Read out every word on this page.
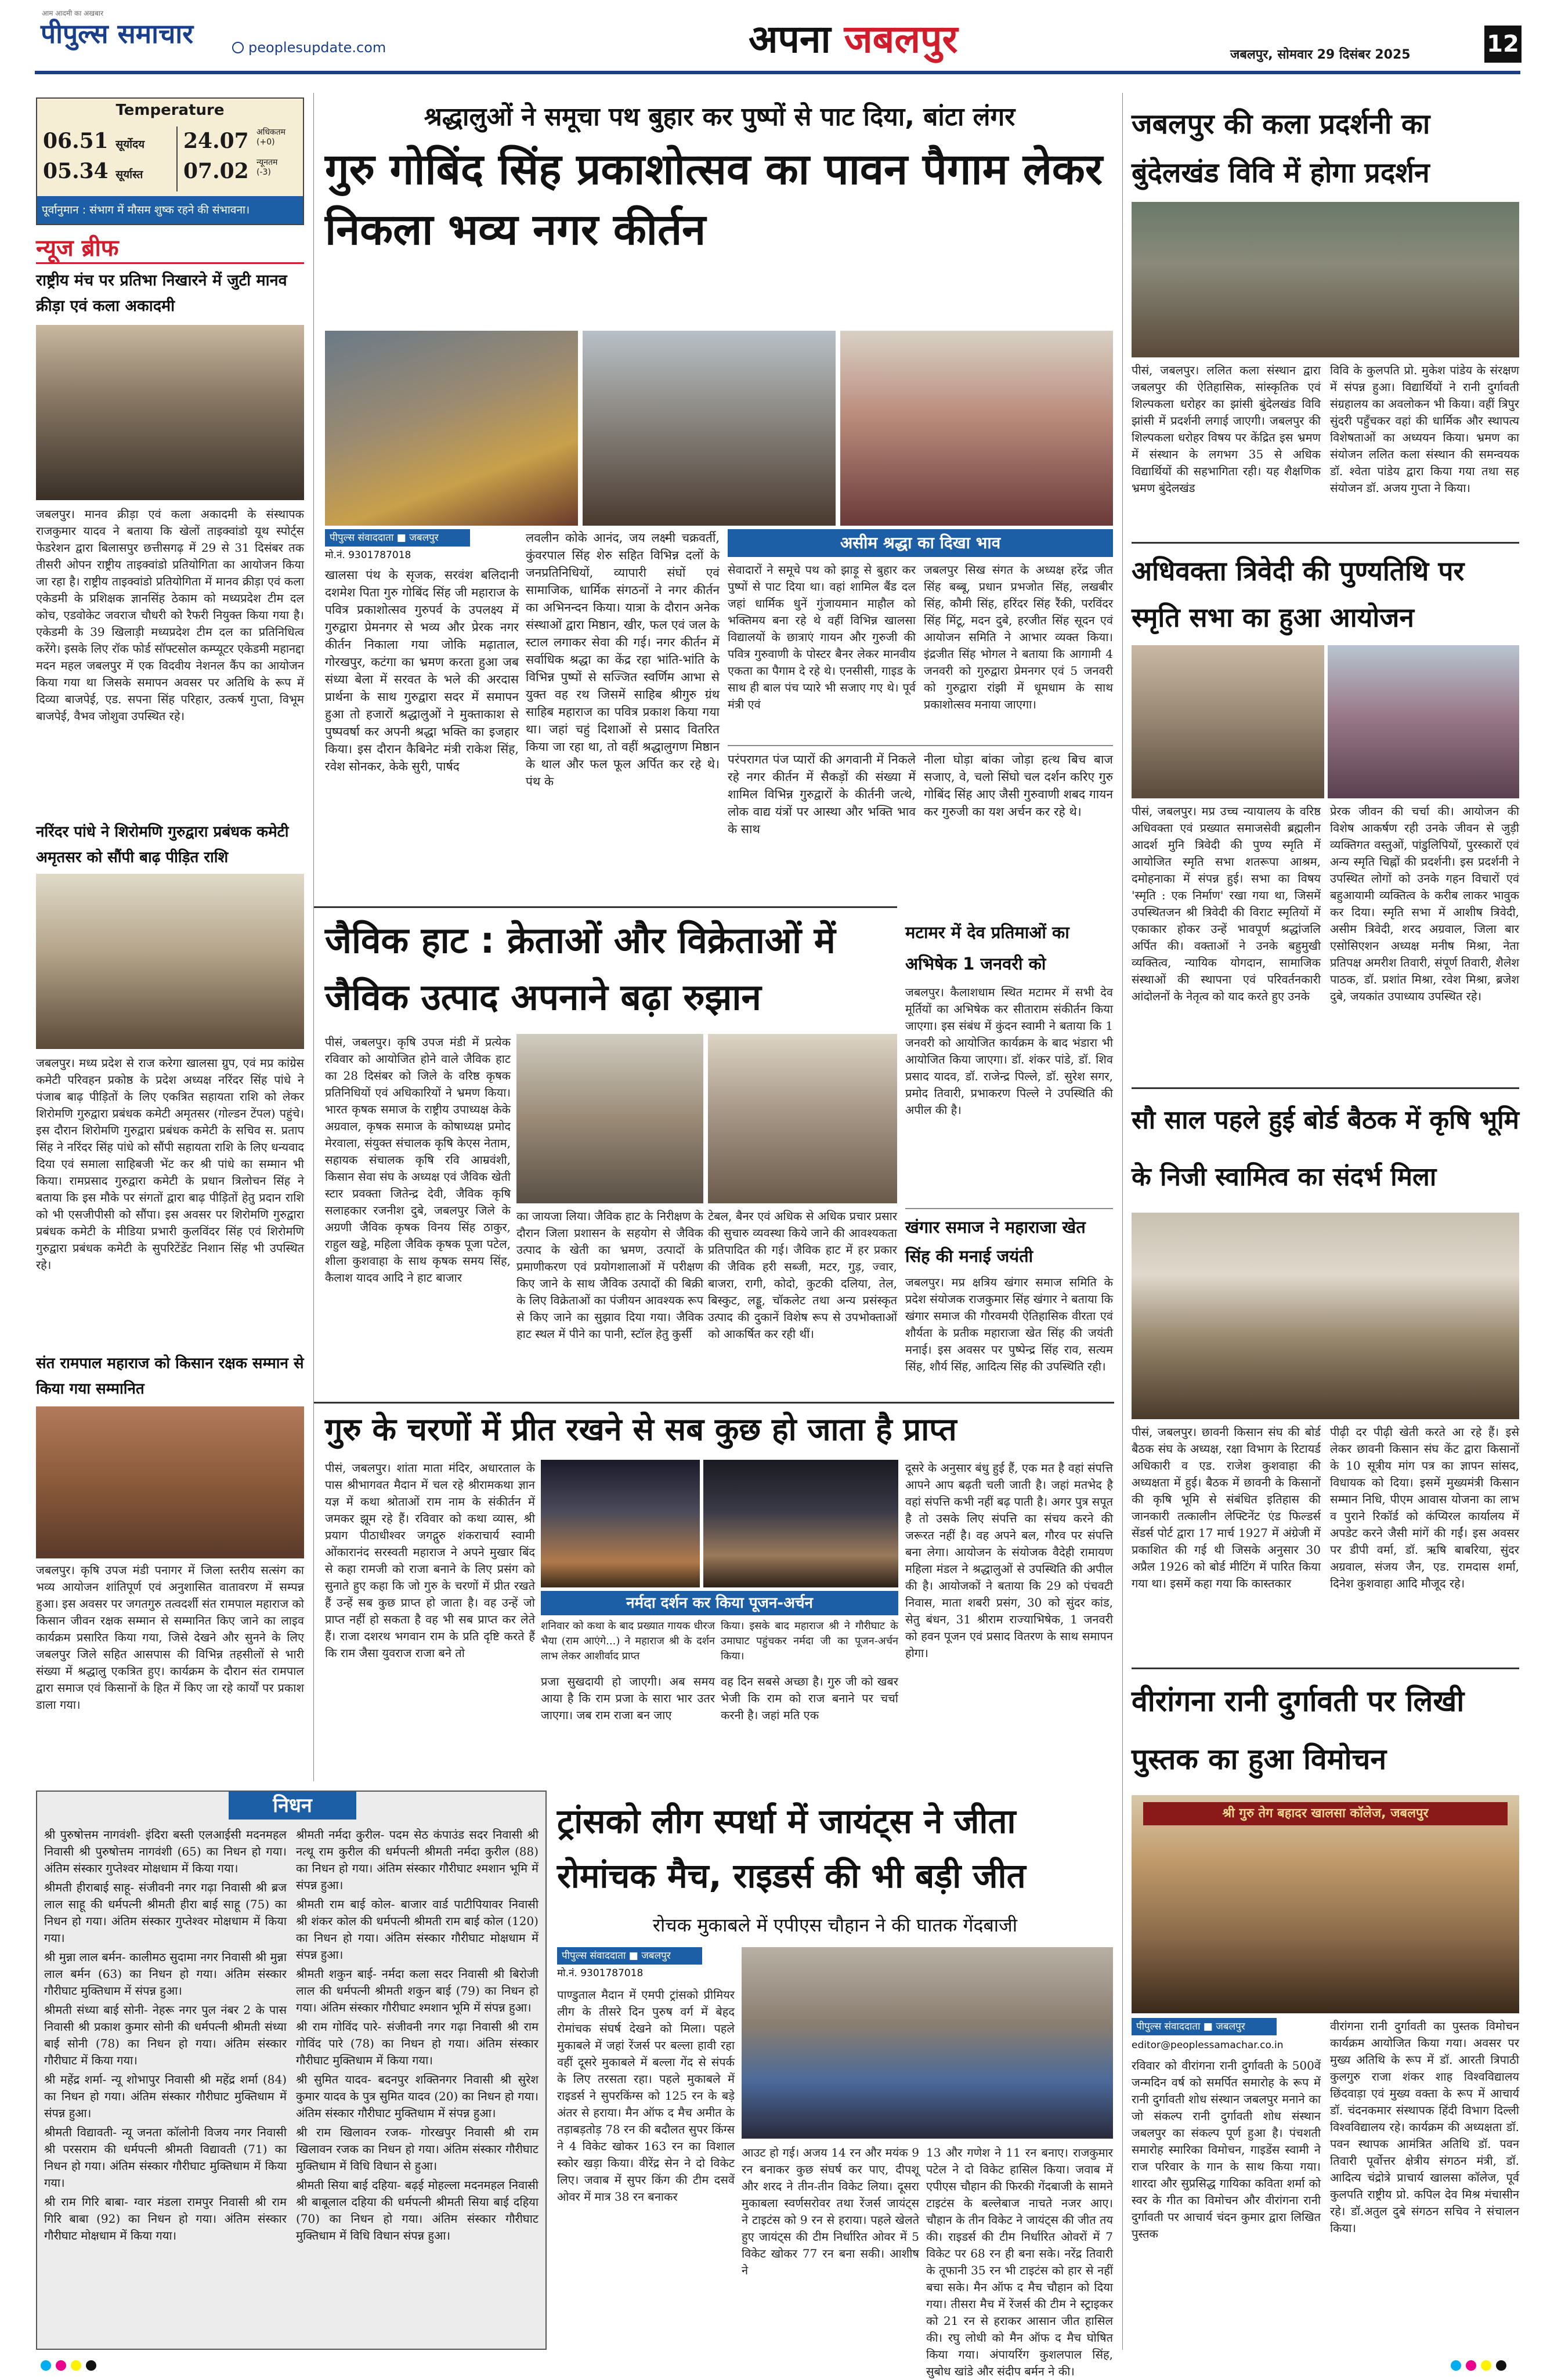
पीपुल्स समाचार
आम आदमी का अखबार
peoplesupdate.com	अपना जबलपुर	जबलपुर, सोमवार 29 दिसंबर 2025	12
Temperature
06.51 सूर्योदय
05.34 सूर्यास्त
24.07 अधिकतम
(+0)
07.02 न्यूनतम
(-3)
पूर्वानुमान : संभाग में मौसम शुष्क रहने की संभावना।
न्यूज ब्रीफ
राष्ट्रीय मंच पर प्रतिभा निखारने में जुटी मानव क्रीड़ा एवं कला अकादमी
जबलपुर। मानव क्रीड़ा एवं कला अकादमी के संस्थापक राजकुमार यादव ने बताया कि खेलों ताइक्वांडो यूथ स्पोर्ट्स फेडरेशन द्वारा बिलासपुर छत्तीसगढ़ में 29 से 31 दिसंबर तक तीसरी ओपन राष्ट्रीय ताइक्वांडो प्रतियोगिता का आयोजन किया जा रहा है। राष्ट्रीय ताइक्वांडो प्रतियोगिता में मानव क्रीड़ा एवं कला एकेडमी के प्रशिक्षक ज्ञानसिंह ठेकाम को मध्यप्रदेश टीम दल कोच, एडवोकेट जवराज चौधरी को रैफरी नियुक्त किया गया है। एकेडमी के 39 खिलाड़ी मध्यप्रदेश टीम दल का प्रतिनिधित्व करेंगे। इसके लिए रॉक फोर्ड सॉफ्टसोल कम्प्यूटर एकेडमी महानद्दा मदन महल जबलपुर में एक विदवीय नेशनल कैंप का आयोजन किया गया था जिसके समापन अवसर पर अतिथि के रूप में दिव्या बाजपेई, एड. सपना सिंह परिहार, उत्कर्ष गुप्ता, विभूम बाजपेई, वैभव जोशुवा उपस्थित रहे।
नरिंदर पांधे ने शिरोमणि गुरुद्वारा प्रबंधक कमेटी अमृतसर को सौंपी बाढ़ पीड़ित राशि
जबलपुर। मध्य प्रदेश से राज करेगा खालसा ग्रुप, एवं मप्र कांग्रेस कमेटी परिवहन प्रकोष्ठ के प्रदेश अध्यक्ष नरिंदर सिंह पांधे ने पंजाब बाढ़ पीड़ितों के लिए एकत्रित सहायता राशि को लेकर शिरोमणि गुरुद्वारा प्रबंधक कमेटी अमृतसर (गोल्डन टेंपल) पहुंचे। इस दौरान शिरोमणि गुरुद्वारा प्रबंधक कमेटी के सचिव स. प्रताप सिंह ने नरिंदर सिंह पांधे को सौंपी सहायता राशि के लिए धन्यवाद दिया एवं समाला साहिबजी भेंट कर श्री पांधे का सम्मान भी किया। रामप्रसाद गुरुद्वारा कमेटी के प्रधान त्रिलोचन सिंह ने बताया कि इस मौके पर संगतों द्वारा बाढ़ पीड़ितों हेतु प्रदान राशि को भी एसजीपीसी को सौंपा। इस अवसर पर शिरोमणि गुरुद्वारा प्रबंधक कमेटी के मीडिया प्रभारी कुलविंदर सिंह एवं शिरोमणि गुरुद्वारा प्रबंधक कमेटी के सुपरिटेंडेंट निशान सिंह भी उपस्थित रहे।
संत रामपाल महाराज को किसान रक्षक सम्मान से किया गया सम्मानित
जबलपुर। कृषि उपज मंडी पनागर में जिला स्तरीय सत्संग का भव्य आयोजन शांतिपूर्ण एवं अनुशासित वातावरण में सम्पन्न हुआ। इस अवसर पर जगतगुरु तत्वदर्शी संत रामपाल महाराज को किसान जीवन रक्षक सम्मान से सम्मानित किए जाने का लाइव कार्यक्रम प्रसारित किया गया, जिसे देखने और सुनने के लिए जबलपुर जिले सहित आसपास की विभिन्न तहसीलों से भारी संख्या में श्रद्धालु एकत्रित हुए। कार्यक्रम के दौरान संत रामपाल द्वारा समाज एवं किसानों के हित में किए जा रहे कार्यों पर प्रकाश डाला गया।
श्रद्धालुओं ने समूचा पथ बुहार कर पुष्पों से पाट दिया, बांटा लंगर
गुरु गोबिंद सिंह प्रकाशोत्सव का पावन पैगाम लेकर निकला भव्य नगर कीर्तन
पीपुल्स संवाददाता ■ जबलपुर
मो.नं. 9301787018
खालसा पंथ के सृजक, सरवंश बलिदानी दशमेश पिता गुरु गोबिंद सिंह जी महाराज के पवित्र प्रकाशोत्सव गुरुपर्व के उपलक्ष्य में गुरुद्वारा प्रेमनगर से भव्य और प्रेरक नगर कीर्तन निकाला गया जोकि मढ़ाताल, गोरखपुर, कटंगा का भ्रमण करता हुआ जब संध्या बेला में सरवत के भले की अरदास प्रार्थना के साथ गुरुद्वारा सदर में समापन हुआ तो हजारों श्रद्धालुओं ने मुक्ताकाश से पुष्पवर्षा कर अपनी श्रद्धा भक्ति का इजहार किया। इस दौरान कैबिनेट मंत्री राकेश सिंह, रवेश सोनकर, केके सुरी, पार्षद
लवलीन कोके आनंद, जय लक्ष्मी चक्रवर्ती, कुंवरपाल सिंह शेरु सहित विभिन्न दलों के जनप्रतिनिधियों, व्यापारी संघों एवं सामाजिक, धार्मिक संगठनों ने नगर कीर्तन का अभिनन्दन किया। यात्रा के दौरान अनेक संस्थाओं द्वारा मिष्ठान, खीर, फल एवं जल के स्टाल लगाकर सेवा की गई। नगर कीर्तन में सर्वाधिक श्रद्धा का केंद्र रहा भांति-भांति के विभिन्न पुष्पों से सज्जित स्वर्णिम आभा से युक्त वह रथ जिसमें साहिब श्रीगुरु ग्रंथ साहिब महाराज का पवित्र प्रकाश किया गया था। जहां चहुं दिशाओं से प्रसाद वितरित किया जा रहा था, तो वहीं श्रद्धालुगण मिष्ठान के थाल और फल फूल अर्पित कर रहे थे। पंथ के
असीम श्रद्धा का दिखा भाव
सेवादारों ने समूचे पथ को झाड़ू से बुहार कर पुष्पों से पाट दिया था। वहां शामिल बैंड दल जहां धार्मिक धुनें गुंजायमान माहौल को भक्तिमय बना रहे थे वहीं विभिन्न खालसा विद्यालयों के छात्राएं गायन और गुरुजी की पवित्र गुरुवाणी के पोस्टर बैनर लेकर मानवीय एकता का पैगाम दे रहे थे। एनसीसी, गाइड के साथ ही बाल पंच प्यारे भी सजाए गए थे। पूर्व मंत्री एवं
जबलपुर सिख संगत के अध्यक्ष हरेंद्र जीत सिंह बब्बू, प्रधान प्रभजोत सिंह, लखबीर सिंह, कौमी सिंह, हरिंदर सिंह रैंकी, परविंदर सिंह मिंटू, मदन दुबे, हरजीत सिंह सूदन एवं आयोजन समिति ने आभार व्यक्त किया। इंद्रजीत सिंह भोगल ने बताया कि आगामी 4 जनवरी को गुरुद्वारा प्रेमनगर एवं 5 जनवरी को गुरुद्वारा रांझी में धूमधाम के साथ प्रकाशोत्सव मनाया जाएगा।
परंपरागत पंज प्यारों की अगवानी में निकले रहे नगर कीर्तन में सैकड़ों की संख्या में शामिल विभिन्न गुरुद्वारों के कीर्तनी जत्थे, लोक वाद्य यंत्रों पर आस्था और भक्ति भाव के साथ
नीला घोड़ा बांका जोड़ा हत्थ बिच बाज सजाए, वे, चलो सिंघो चल दर्शन करिए गुरु गोबिंद सिंह आए जैसी गुरुवाणी शबद गायन कर गुरुजी का यश अर्चन कर रहे थे।
जैविक हाट : क्रेताओं और विक्रेताओं में जैविक उत्पाद अपनाने बढ़ा रुझान
पीसं, जबलपुर। कृषि उपज मंडी में प्रत्येक रविवार को आयोजित होने वाले जैविक हाट का 28 दिसंबर को जिले के वरिष्ठ कृषक प्रतिनिधियों एवं अधिकारियों ने भ्रमण किया। भारत कृषक समाज के राष्ट्रीय उपाध्यक्ष केके अग्रवाल, कृषक समाज के कोषाध्यक्ष प्रमोद मेरवाला, संयुक्त संचालक कृषि केएस नेताम, सहायक संचालक कृषि रवि आम्रवंशी, किसान सेवा संघ के अध्यक्ष एवं जैविक खेती स्टार प्रवक्ता जितेन्द्र देवी, जैविक कृषि सलाहकार रजनीश दुबे, जबलपुर जिले के अग्रणी जैविक कृषक विनय सिंह ठाकुर, राहुल खड्डे, महिला जैविक कृषक पूजा पटेल, शीला कुशवाहा के साथ कृषक समय सिंह, कैलाश यादव आदि ने हाट बाजार
का जायजा लिया। जैविक हाट के निरीक्षण के दौरान जिला प्रशासन के सहयोग से जैविक उत्पाद के खेती का भ्रमण, उत्पादों के प्रमाणीकरण एवं प्रयोगशालाओं में परीक्षण किए जाने के साथ जैविक उत्पादों की बिक्री के लिए विक्रेताओं का पंजीयन आवश्यक रूप से किए जाने का सुझाव दिया गया। जैविक हाट स्थल में पीने का पानी, स्टॉल हेतु कुर्सी
टेबल, बैनर एवं अधिक से अधिक प्रचार प्रसार की सुचारु व्यवस्था किये जाने की आवश्यकता प्रतिपादित की गई। जैविक हाट में हर प्रकार की जैविक हरी सब्जी, मटर, गुड़, ज्वार, बाजरा, रागी, कोदो, कुटकी दलिया, तेल, बिस्कुट, लड्डू, चॉकलेट तथा अन्य प्रसंस्कृत उत्पाद की दुकानें विशेष रूप से उपभोक्ताओं को आकर्षित कर रही थीं।
मटामर में देव प्रतिमाओं का अभिषेक 1 जनवरी को
जबलपुर। कैलाशधाम स्थित मटामर में सभी देव मूर्तियों का अभिषेक कर सीताराम संकीर्तन किया जाएगा। इस संबंध में कुंदन स्वामी ने बताया कि 1 जनवरी को आयोजित कार्यक्रम के बाद भंडारा भी आयोजित किया जाएगा। डॉ. शंकर पांडे, डॉ. शिव प्रसाद यादव, डॉ. राजेन्द्र पिल्ले, डॉ. सुरेश सगर, प्रमोद तिवारी, प्रभाकरण पिल्ले ने उपस्थिति की अपील की है।
खंगार समाज ने महाराजा खेत सिंह की मनाई जयंती
जबलपुर। मप्र क्षत्रिय खंगार समाज समिति के प्रदेश संयोजक राजकुमार सिंह खंगार ने बताया कि खंगार समाज की गौरवमयी ऐतिहासिक वीरता एवं शौर्यता के प्रतीक महाराजा खेत सिंह की जयंती मनाई। इस अवसर पर पुष्पेन्द्र सिंह राव, सत्यम सिंह, शौर्य सिंह, आदित्य सिंह की उपस्थिति रही।
गुरु के चरणों में प्रीत रखने से सब कुछ हो जाता है प्राप्त
पीसं, जबलपुर। शांता माता मंदिर, अधारताल के पास श्रीभागवत मैदान में चल रहे श्रीरामकथा ज्ञान यज्ञ में कथा श्रोताओं राम नाम के संकीर्तन में जमकर झूम रहे हैं। रविवार को कथा व्यास, श्री प्रयाग पीठाधीश्वर जगद्गुरु शंकराचार्य स्वामी ओंकारानंद सरस्वती महाराज ने अपने मुखार बिंद से कहा रामजी को राजा बनाने के लिए प्रसंग को सुनाते हुए कहा कि जो गुरु के चरणों में प्रीत रखते हैं उन्हें सब कुछ प्राप्त हो जाता है। वह उन्हें जो प्राप्त नहीं हो सकता है वह भी सब प्राप्त कर लेते हैं। राजा दशरथ भगवान राम के प्रति दृष्टि करते हैं कि राम जैसा युवराज राजा बने तो
नर्मदा दर्शन कर किया पूजन-अर्चन
शनिवार को कथा के बाद प्रख्यात गायक धीरज भैया (राम आएंगे...) ने महाराज श्री के दर्शन लाभ लेकर आशीर्वाद प्राप्त
किया। इसके बाद महाराज श्री ने गौरीघाट के उमाघाट पहुंचकर नर्मदा जी का पूजन-अर्चन किया।
प्रजा सुखदायी हो जाएगी। अब समय आया है कि राम प्रजा के सारा भार उतर जाएगा। जब राम राजा बन जाए
वह दिन सबसे अच्छा है। गुरु जी को खबर भेजी कि राम को राज बनाने पर चर्चा करनी है। जहां मति एक
दूसरे के अनुसार बंधु हुई हैं, एक मत है वहां संपत्ति आपने आप बढ़ती चली जाती है। जहां मतभेद है वहां संपत्ति कभी नहीं बढ़ पाती है। अगर पुत्र सपूत है तो उसके लिए संपत्ति का संचय करने की जरूरत नहीं है। वह अपने बल, गौरव पर संपत्ति बना लेगा। आयोजन के संयोजक वैदेही रामायण महिला मंडल ने श्रद्धालुओं से उपस्थिति की अपील की है। आयोजकों ने बताया कि 29 को पंचवटी निवास, माता शबरी प्रसंग, 30 को सुंदर कांड, सेतु बंधन, 31 श्रीराम राज्याभिषेक, 1 जनवरी को हवन पूजन एवं प्रसाद वितरण के साथ समापन होगा।
निधन
श्री पुरुषोत्तम नागवंशी- इंदिरा बस्ती एलआईसी मदनमहल निवासी श्री पुरुषोत्तम नागवंशी (65) का निधन हो गया। अंतिम संस्कार गुप्तेश्वर मोक्षधाम में किया गया।
श्रीमती हीराबाई साहू- संजीवनी नगर गढ़ा निवासी श्री ब्रज लाल साहू की धर्मपत्नी श्रीमती हीरा बाई साहू (75) का निधन हो गया। अंतिम संस्कार गुप्तेश्वर मोक्षधाम में किया गया।
श्री मुन्ना लाल बर्मन- कालीमठ सुदामा नगर निवासी श्री मुन्ना लाल बर्मन (63) का निधन हो गया। अंतिम संस्कार गौरीघाट मुक्तिधाम में संपन्न हुआ।
श्रीमती संध्या बाई सोनी- नेहरू नगर पुल नंबर 2 के पास निवासी श्री प्रकाश कुमार सोनी की धर्मपत्नी श्रीमती संध्या बाई सोनी (78) का निधन हो गया। अंतिम संस्कार गौरीघाट में किया गया।
श्री महेंद्र शर्मा- न्यू शोभापुर निवासी श्री महेंद्र शर्मा (84) का निधन हो गया। अंतिम संस्कार गौरीघाट मुक्तिधाम में संपन्न हुआ।
श्रीमती विद्यावती- न्यू जनता कॉलोनी विजय नगर निवासी श्री परसराम की धर्मपत्नी श्रीमती विद्यावती (71) का निधन हो गया। अंतिम संस्कार गौरीघाट मुक्तिधाम में किया गया।
श्री राम गिरि बाबा- ग्वार मंडला रामपुर निवासी श्री राम गिरि बाबा (92) का निधन हो गया। अंतिम संस्कार गौरीघाट मोक्षधाम में किया गया।
श्रीमती नर्मदा कुरील- पदम सेठ कंपाउंड सदर निवासी श्री नत्थू राम कुरील की धर्मपत्नी श्रीमती नर्मदा कुरील (88) का निधन हो गया। अंतिम संस्कार गौरीघाट श्मशान भूमि में संपन्न हुआ।
श्रीमती राम बाई कोल- बाजार वार्ड पाटीपियावर निवासी श्री शंकर कोल की धर्मपत्नी श्रीमती राम बाई कोल (120) का निधन हो गया। अंतिम संस्कार गौरीघाट मोक्षधाम में संपन्न हुआ।
श्रीमती शकुन बाई- नर्मदा कला सदर निवासी श्री बिरोजी लाल की धर्मपत्नी श्रीमती शकुन बाई (79) का निधन हो गया। अंतिम संस्कार गौरीघाट श्मशान भूमि में संपन्न हुआ।
श्री राम गोविंद पारे- संजीवनी नगर गढ़ा निवासी श्री राम गोविंद पारे (78) का निधन हो गया। अंतिम संस्कार गौरीघाट मुक्तिधाम में किया गया।
श्री सुमित यादव- बदनपुर शक्तिनगर निवासी श्री सुरेश कुमार यादव के पुत्र सुमित यादव (20) का निधन हो गया। अंतिम संस्कार गौरीघाट मुक्तिधाम में संपन्न हुआ।
श्री राम खिलावन रजक- गोरखपुर निवासी श्री राम खिलावन रजक का निधन हो गया। अंतिम संस्कार गौरीघाट मुक्तिधाम में विधि विधान से हुआ।
श्रीमती सिया बाई दहिया- बढ़ई मोहल्ला मदनमहल निवासी श्री बाबूलाल दहिया की धर्मपत्नी श्रीमती सिया बाई दहिया (70) का निधन हो गया। अंतिम संस्कार गौरीघाट मुक्तिधाम में विधि विधान संपन्न हुआ।
ट्रांसको लीग स्पर्धा में जायंट्स ने जीता रोमांचक मैच, राइडर्स की भी बड़ी जीत
रोचक मुकाबले में एपीएस चौहान ने की घातक गेंदबाजी
पीपुल्स संवाददाता ■ जबलपुर
मो.नं. 9301787018
पाण्डुताल मैदान में एमपी ट्रांसको प्रीमियर लीग के तीसरे दिन पुरुष वर्ग में बेहद रोमांचक संघर्ष देखने को मिला। पहले मुकाबले में जहां रेंजर्स पर बल्ला हावी रहा वहीं दूसरे मुकाबले में बल्ला गेंद से संपर्क के लिए तरसता रहा। पहले मुकाबले में राइडर्स ने सुपरकिंग्स को 125 रन के बड़े अंतर से हराया। मैन ऑफ द मैच अमीत के तड़ाबड़तोड़ 78 रन की बदौलत सुपर किंग्स ने 4 विकेट खोकर 163 रन का विशाल स्कोर खड़ा किया। वीरेंद्र सेन ने दो विकेट लिए। जवाब में सुपर किंग की टीम दसवें ओवर में मात्र 38 रन बनाकर
आउट हो गई। अजय 14 रन और मयंक 9 रन बनाकर कुछ संघर्ष कर पाए, दीपशू और शरद ने तीन-तीन विकेट लिया। दूसरा मुकाबला स्वर्णसरोवर तथा रेंजर्स जायंट्स ने टाइटंस को 9 रन से हराया। पहले खेलते हुए जायंट्स की टीम निर्धारित ओवर में 5 विकेट खोकर 77 रन बना सकी। आशीष ने
13 और गणेश ने 11 रन बनाए। राजकुमार पटेल ने दो विकेट हासिल किया। जवाब में एपीएस चौहान की फिरकी गेंदबाजी के सामने टाइटंस के बल्लेबाज नाचते नजर आए। चौहान के तीन विकेट ने जायंट्स की जीत तय की। राइडर्स की टीम निर्धारित ओवरों में 7 विकेट पर 68 रन ही बना सके। नरेंद्र तिवारी के तूफानी 35 रन भी टाइटंस को हार से नहीं बचा सके। मैन ऑफ द मैच चौहान को दिया गया। तीसरा मैच में रेंजर्स की टीम ने स्ट्राइकर को 21 रन से हराकर आसान जीत हासिल की। रघु लोधी को मैन ऑफ द मैच घोषित किया गया। अंपायरिंग कुशलपाल सिंह, सुबोध खांडे और संदीप बर्मन ने की।
जबलपुर की कला प्रदर्शनी का बुंदेलखंड विवि में होगा प्रदर्शन
पीसं, जबलपुर। ललित कला संस्थान द्वारा जबलपुर की ऐतिहासिक, सांस्कृतिक एवं शिल्पकला धरोहर का झांसी बुंदेलखंड विवि झांसी में प्रदर्शनी लगाई जाएगी। जबलपुर की शिल्पकला धरोहर विषय पर केंद्रित इस भ्रमण में संस्थान के लगभग 35 से अधिक विद्यार्थियों की सहभागिता रही। यह शैक्षणिक भ्रमण बुंदेलखंड
विवि के कुलपति प्रो. मुकेश पांडेय के संरक्षण में संपन्न हुआ। विद्यार्थियों ने रानी दुर्गावती संग्रहालय का अवलोकन भी किया। वहीं त्रिपुर सुंदरी पहुँचकर वहां की धार्मिक और स्थापत्य विशेषताओं का अध्ययन किया। भ्रमण का संयोजन ललित कला संस्थान की समन्वयक डॉ. श्वेता पांडेय द्वारा किया गया तथा सह संयोजन डॉ. अजय गुप्ता ने किया।
अधिवक्ता त्रिवेदी की पुण्यतिथि पर स्मृति सभा का हुआ आयोजन
पीसं, जबलपुर। मप्र उच्च न्यायालय के वरिष्ठ अधिवक्ता एवं प्रख्यात समाजसेवी ब्रह्मलीन आदर्श मुनि त्रिवेदी की पुण्य स्मृति में आयोजित स्मृति सभा शतरूपा आश्रम, दमोहनाका में संपन्न हुई। सभा का विषय 'स्मृति : एक निर्माण' रखा गया था, जिसमें उपस्थितजन श्री त्रिवेदी की विराट स्मृतियों में एकाकार होकर उन्हें भावपूर्ण श्रद्धांजलि अर्पित की। वक्ताओं ने उनके बहुमुखी व्यक्तित्व, न्यायिक योगदान, सामाजिक संस्थाओं की स्थापना एवं परिवर्तनकारी आंदोलनों के नेतृत्व को याद करते हुए उनके
प्रेरक जीवन की चर्चा की। आयोजन की विशेष आकर्षण रही उनके जीवन से जुड़ी व्यक्तिगत वस्तुओं, पांडुलिपियों, पुरस्कारों एवं अन्य स्मृति चिह्नों की प्रदर्शनी। इस प्रदर्शनी ने उपस्थित लोगों को उनके गहन विचारों एवं बहुआयामी व्यक्तित्व के करीब लाकर भावुक कर दिया। स्मृति सभा में आशीष त्रिवेदी, असीम त्रिवेदी, शरद अग्रवाल, जिला बार एसोसिएशन अध्यक्ष मनीष मिश्रा, नेता प्रतिपक्ष अमरीश तिवारी, संपूर्ण तिवारी, शैलेश पाठक, डॉ. प्रशांत मिश्रा, रवेश मिश्रा, ब्रजेश दुबे, जयकांत उपाध्याय उपस्थित रहे।
सौ साल पहले हुई बोर्ड बैठक में कृषि भूमि के निजी स्वामित्व का संदर्भ मिला
पीसं, जबलपुर। छावनी किसान संघ की बोर्ड बैठक संघ के अध्यक्ष, रक्षा विभाग के रिटायर्ड अधिकारी व एड. राजेश कुशवाहा की अध्यक्षता में हुई। बैठक में छावनी के किसानों की कृषि भूमि से संबंधित इतिहास की जानकारी तत्कालीन लेफ्टिनेंट एंड फिल्डर्स सेंडर्स पोर्ट द्वारा 17 मार्च 1927 में अंग्रेजी में प्रकाशित की गई थी जिसके अनुसार 30 अप्रैल 1926 को बोर्ड मीटिंग में पारित किया गया था। इसमें कहा गया कि कास्तकार
पीढ़ी दर पीढ़ी खेती करते आ रहे हैं। इसे लेकर छावनी किसान संघ केंट द्वारा किसानों के 10 सूत्रीय मांग पत्र का ज्ञापन सांसद, विधायक को दिया। इसमें मुख्यमंत्री किसान सम्मान निधि, पीएम आवास योजना का लाभ व पुराने रिकॉर्ड को कंप्यिरल कार्यालय में अपडेट करने जैसी मांगें की गईं। इस अवसर पर डीपी वर्मा, डॉ. ऋषि बाबरिया, सुंदर अग्रवाल, संजय जैन, एड. रामदास शर्मा, दिनेश कुशवाहा आदि मौजूद रहे।
वीरांगना रानी दुर्गावती पर लिखी पुस्तक का हुआ विमोचन
श्री गुरु तेग बहादर खालसा कॉलेज, जबलपुर
पीपुल्स संवाददाता ■ जबलपुर
editor@peoplessamachar.co.in
रविवार को वीरांगना रानी दुर्गावती के 500वें जन्मदिन वर्ष को समर्पित समारोह के रूप में रानी दुर्गावती शोध संस्थान जबलपुर मनाने का जो संकल्प रानी दुर्गावती शोध संस्थान जबलपुर का संकल्प पूर्ण हुआ है। पंचशती समारोह स्मारिका विमोचन, गाइडेंस स्वामी ने राज परिवार के गान के साथ किया गया। शारदा और सुप्रसिद्ध गायिका कविता शर्मा को स्वर के गीत का विमोचन और वीरांगना रानी दुर्गावती पर आचार्य चंदन कुमार द्वारा लिखित पुस्तक
वीरांगना रानी दुर्गावती का पुस्तक विमोचन कार्यक्रम आयोजित किया गया। अवसर पर मुख्य अतिथि के रूप में डॉ. आरती त्रिपाठी कुलगुरु राजा शंकर शाह विश्वविद्यालय छिंदवाड़ा एवं मुख्य वक्ता के रूप में आचार्य डॉ. चंदनकमार संस्थापक हिंदी विभाग दिल्ली विश्वविद्यालय रहे। कार्यक्रम की अध्यक्षता डॉ. पवन स्थापक आमंत्रित अतिथि डॉ. पवन तिवारी पूर्वोत्तर क्षेत्रीय संगठन मंत्री, डॉ. आदित्य चंद्रोत्रे प्राचार्य खालसा कॉलेज, पूर्व कुलपति राष्ट्रीय प्रो. कपिल देव मिश्र मंचासीन रहे। डॉ.अतुल दुबे संगठन सचिव ने संचालन किया।
